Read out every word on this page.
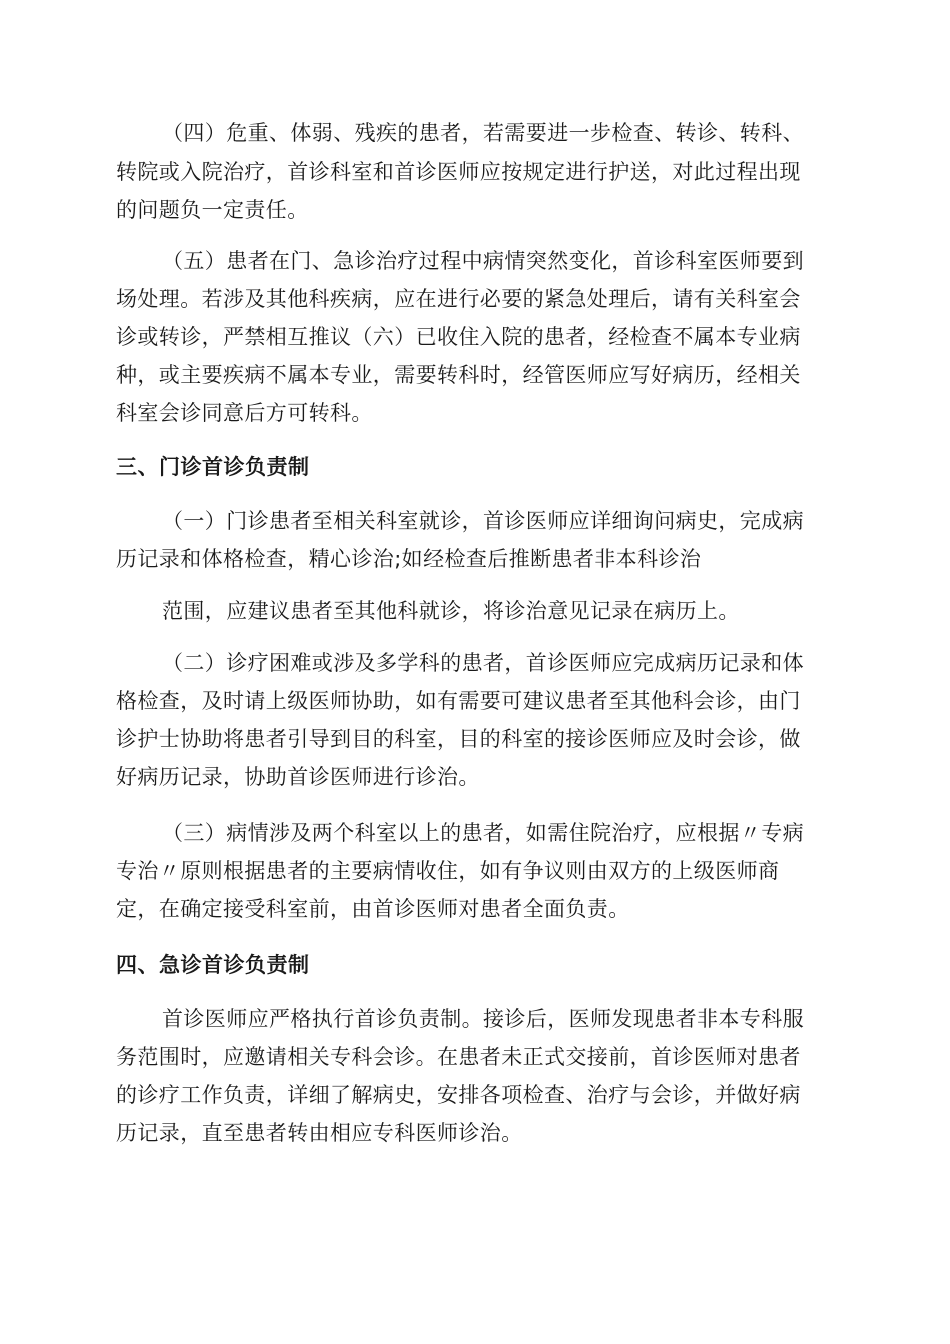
（四）危重、体弱、残疾的患者，若需要进一步检查、转诊、转科、
转院或入院治疗，首诊科室和首诊医师应按规定进行护送，对此过程出现
的问题负一定责任。
（五）患者在门、急诊治疗过程中病情突然变化，首诊科室医师要到
场处理。若涉及其他科疾病，应在进行必要的紧急处理后，请有关科室会
诊或转诊，严禁相互推议（六）已收住入院的患者，经检查不属本专业病
种，或主要疾病不属本专业，需要转科时，经管医师应写好病历，经相关
科室会诊同意后方可转科。
三、门诊首诊负责制
（一）门诊患者至相关科室就诊，首诊医师应详细询问病史，完成病
历记录和体格检查，精心诊治;如经检查后推断患者非本科诊治
范围，应建议患者至其他科就诊，将诊治意见记录在病历上。
（二）诊疗困难或涉及多学科的患者，首诊医师应完成病历记录和体
格检查，及时请上级医师协助，如有需要可建议患者至其他科会诊，由门
诊护士协助将患者引导到目的科室，目的科室的接诊医师应及时会诊，做
好病历记录，协助首诊医师进行诊治。
（三）病情涉及两个科室以上的患者，如需住院治疗，应根据〃专病
专治〃原则根据患者的主要病情收住，如有争议则由双方的上级医师商
定，在确定接受科室前，由首诊医师对患者全面负责。
四、急诊首诊负责制
首诊医师应严格执行首诊负责制。接诊后，医师发现患者非本专科服
务范围时，应邀请相关专科会诊。在患者未正式交接前，首诊医师对患者
的诊疗工作负责，详细了解病史，安排各项检查、治疗与会诊，并做好病
历记录，直至患者转由相应专科医师诊治。
